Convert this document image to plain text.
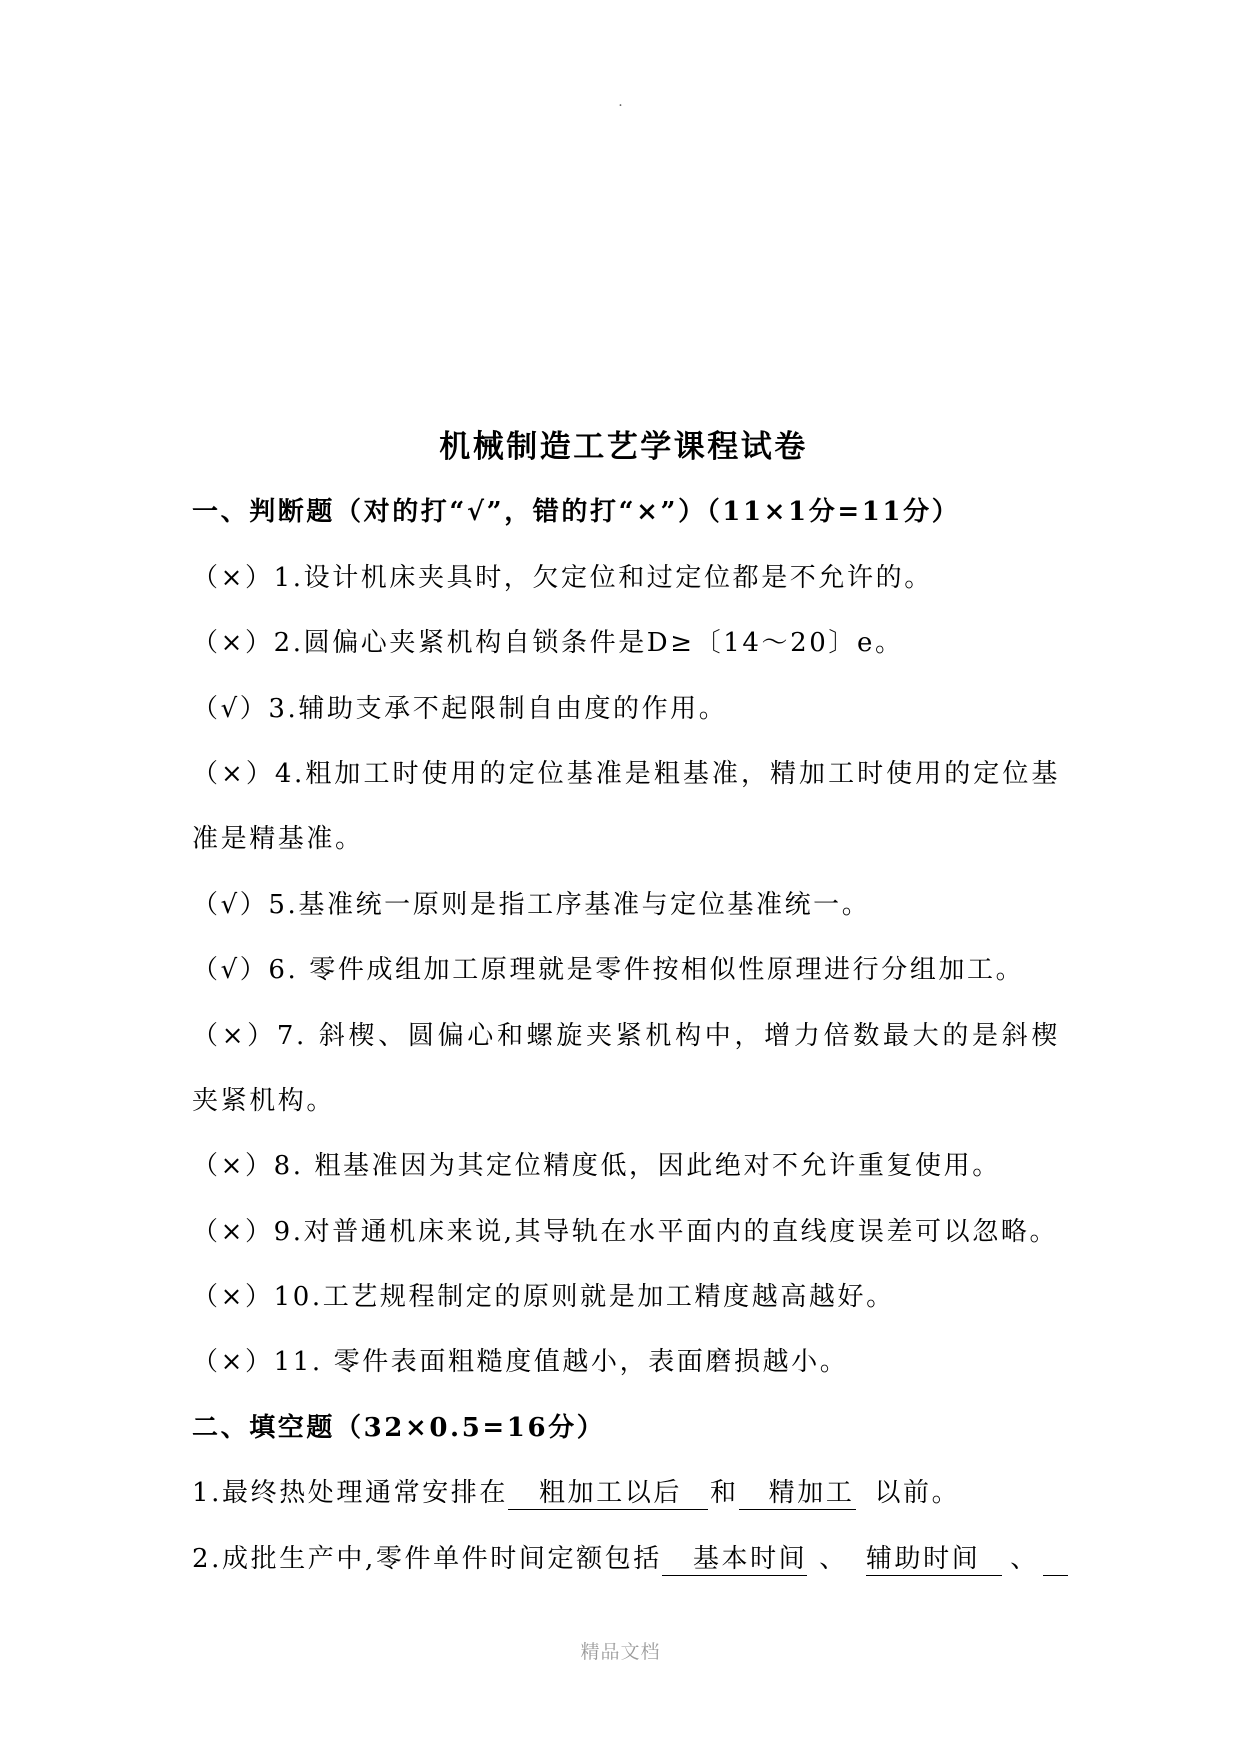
.
机械制造工艺学课程试卷
一、判断题（对的打“√”，错的打“×”）（11×1分=11分）
（×）1.设计机床夹具时，欠定位和过定位都是不允许的。
（×）2.圆偏心夹紧机构自锁条件是D≥〔14～20〕e。
（√）3.辅助支承不起限制自由度的作用。
（×）4.粗加工时使用的定位基准是粗基准，精加工时使用的定位基
准是精基准。
（√）5.基准统一原则是指工序基准与定位基准统一。
（√）6. 零件成组加工原理就是零件按相似性原理进行分组加工。
（×）7. 斜楔、圆偏心和螺旋夹紧机构中，增力倍数最大的是斜楔
夹紧机构。
（×）8. 粗基准因为其定位精度低，因此绝对不允许重复使用。
（×）9.对普通机床来说,其导轨在水平面内的直线度误差可以忽略。
（×）10.工艺规程制定的原则就是加工精度越高越好。
（×）11. 零件表面粗糙度值越小，表面磨损越小。
二、填空题（32×0.5=16分）
1.最终热处理通常安排在 粗加工以后 和 精加工 以前。
2.成批生产中,零件单件时间定额包括 基本时间 、 辅助时间 、
精品文档
